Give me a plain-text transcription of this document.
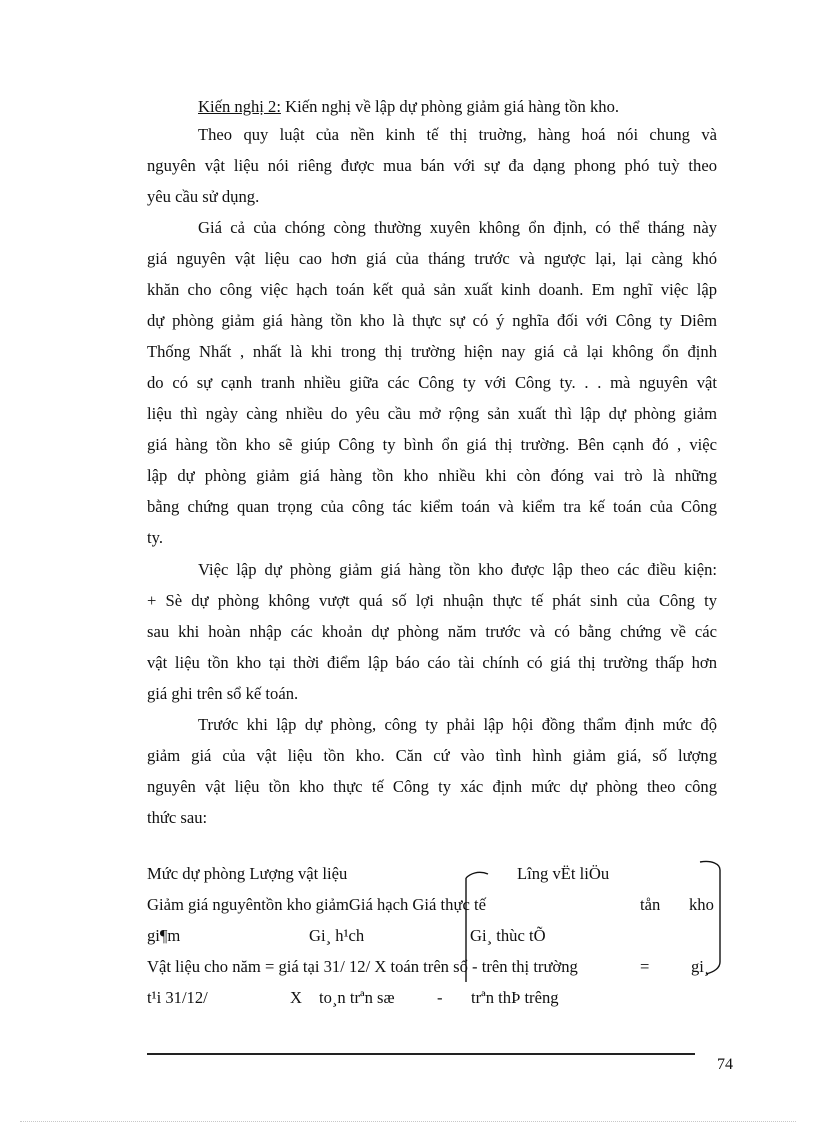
Kiến nghị 2: Kiến nghị về lập dự phòng giảm giá hàng tồn kho.
Theo quy luật của nền kinh tế thị truờng, hàng hoá nói chung và
nguyên vật liệu nói riêng được mua bán với sự đa dạng phong phó tuỳ theo
yêu cầu sử dụng.
Giá cả của chóng còng thường xuyên không ổn định, có thể tháng này
giá nguyên vật liệu cao hơn giá của tháng trước và ngược lại, lại càng khó
khăn cho công việc hạch toán kết quả sản xuất kinh doanh. Em nghĩ việc lập
dự phòng giảm giá hàng tồn kho là thực sự có ý nghĩa đối với Công ty Diêm
Thống Nhất , nhất là khi trong thị trường hiện nay giá cả lại không ổn định
do có sự cạnh tranh nhiều giữa các Công ty với Công ty. . . mà nguyên vật
liệu thì ngày càng nhiều do yêu cầu mở rộng sản xuất thì lập dự phòng giảm
giá hàng tồn kho sẽ giúp Công ty bình ổn giá thị trường. Bên cạnh đó , việc
lập dự phòng giảm giá hàng tồn kho nhiều khi còn đóng vai trò là những
bằng chứng quan trọng của công tác kiểm toán và kiểm tra kế toán của Công
ty.
Việc lập dự phòng giảm giá hàng tồn kho được lập theo các điều kiện:
+ Sè dự phòng không vượt quá số lợi nhuận thực tế phát sinh của Công ty
sau khi hoàn nhập các khoản dự phòng năm trước và có bằng chứng về các
vật liệu tồn kho tại thời điểm lập báo cáo tài chính có giá thị trường thấp hơn
giá ghi trên sổ kế toán.
Trước khi lập dự phòng, công ty phải lập hội đồng thẩm định mức độ
giảm giá của vật liệu tồn kho. Căn cứ vào tình hình giảm giá, số lượng
nguyên vật liệu tồn kho thực tế Công ty xác định mức dự phòng theo công
thức sau:
Mức dự phòng Lượng vật liệu	Lîng vËt liÖu
Giảm giá nguyêntồn kho giảmGiá hạch Giá thực tế	tån kho
gi¶m	Gi¸ h¹ch	Gi¸ thùc tÕ
Vật liệu cho năm = giá tại 31/ 12/ X toán trên sổ - trên thị trường	=	gi¸
t¹i 31/12/	X to¸n trªn sæ	- trªn thÞ trêng
74
